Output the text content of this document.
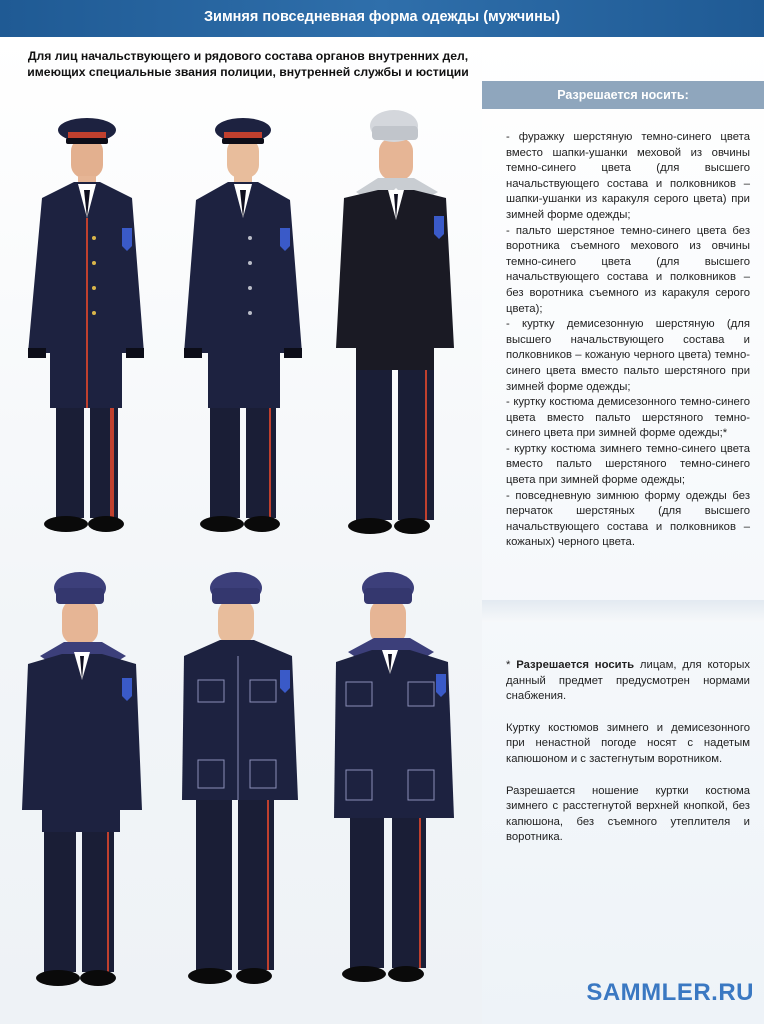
Зимняя повседневная форма одежды (мужчины)
Для лиц начальствующего и рядового состава органов внутренних дел,
имеющих специальные звания полиции, внутренней службы и юстиции
Разрешается носить:
- фуражку шерстяную темно-синего цвета вместо шапки-ушанки меховой из овчины темно-синего цвета (для высшего начальствующего состава и полковников – шапки-ушанки из каракуля серого цвета) при зимней форме одежды;
- пальто шерстяное темно-синего цвета без воротника съемного мехового из овчины темно-синего цвета (для высшего начальствующего состава и полковников – без воротника съемного из каракуля серого цвета);
- куртку демисезонную шерстяную (для высшего начальствующего состава и полковников – кожаную черного цвета) темно-синего цвета вместо пальто шерстяного при зимней форме одежды;
- куртку костюма демисезонного темно-синего цвета вместо пальто шерстяного темно-синего цвета при зимней форме одежды;*
- куртку костюма зимнего темно-синего цвета вместо пальто шерстяного темно-синего цвета при зимней форме одежды;
- повседневную зимнюю форму одежды без перчаток шерстяных (для высшего начальствующего состава и полковников – кожаных) черного цвета.

* Разрешается носить лицам, для которых данный предмет предусмотрен нормами снабжения.

Куртку костюмов зимнего и демисезонного при ненастной погоде носят с надетым капюшоном и с застегнутым воротником.

Разрешается ношение куртки костюма зимнего с расстегнутой верхней кнопкой, без капюшона, без съемного утеплителя и воротника.

SAMMLER.RU
